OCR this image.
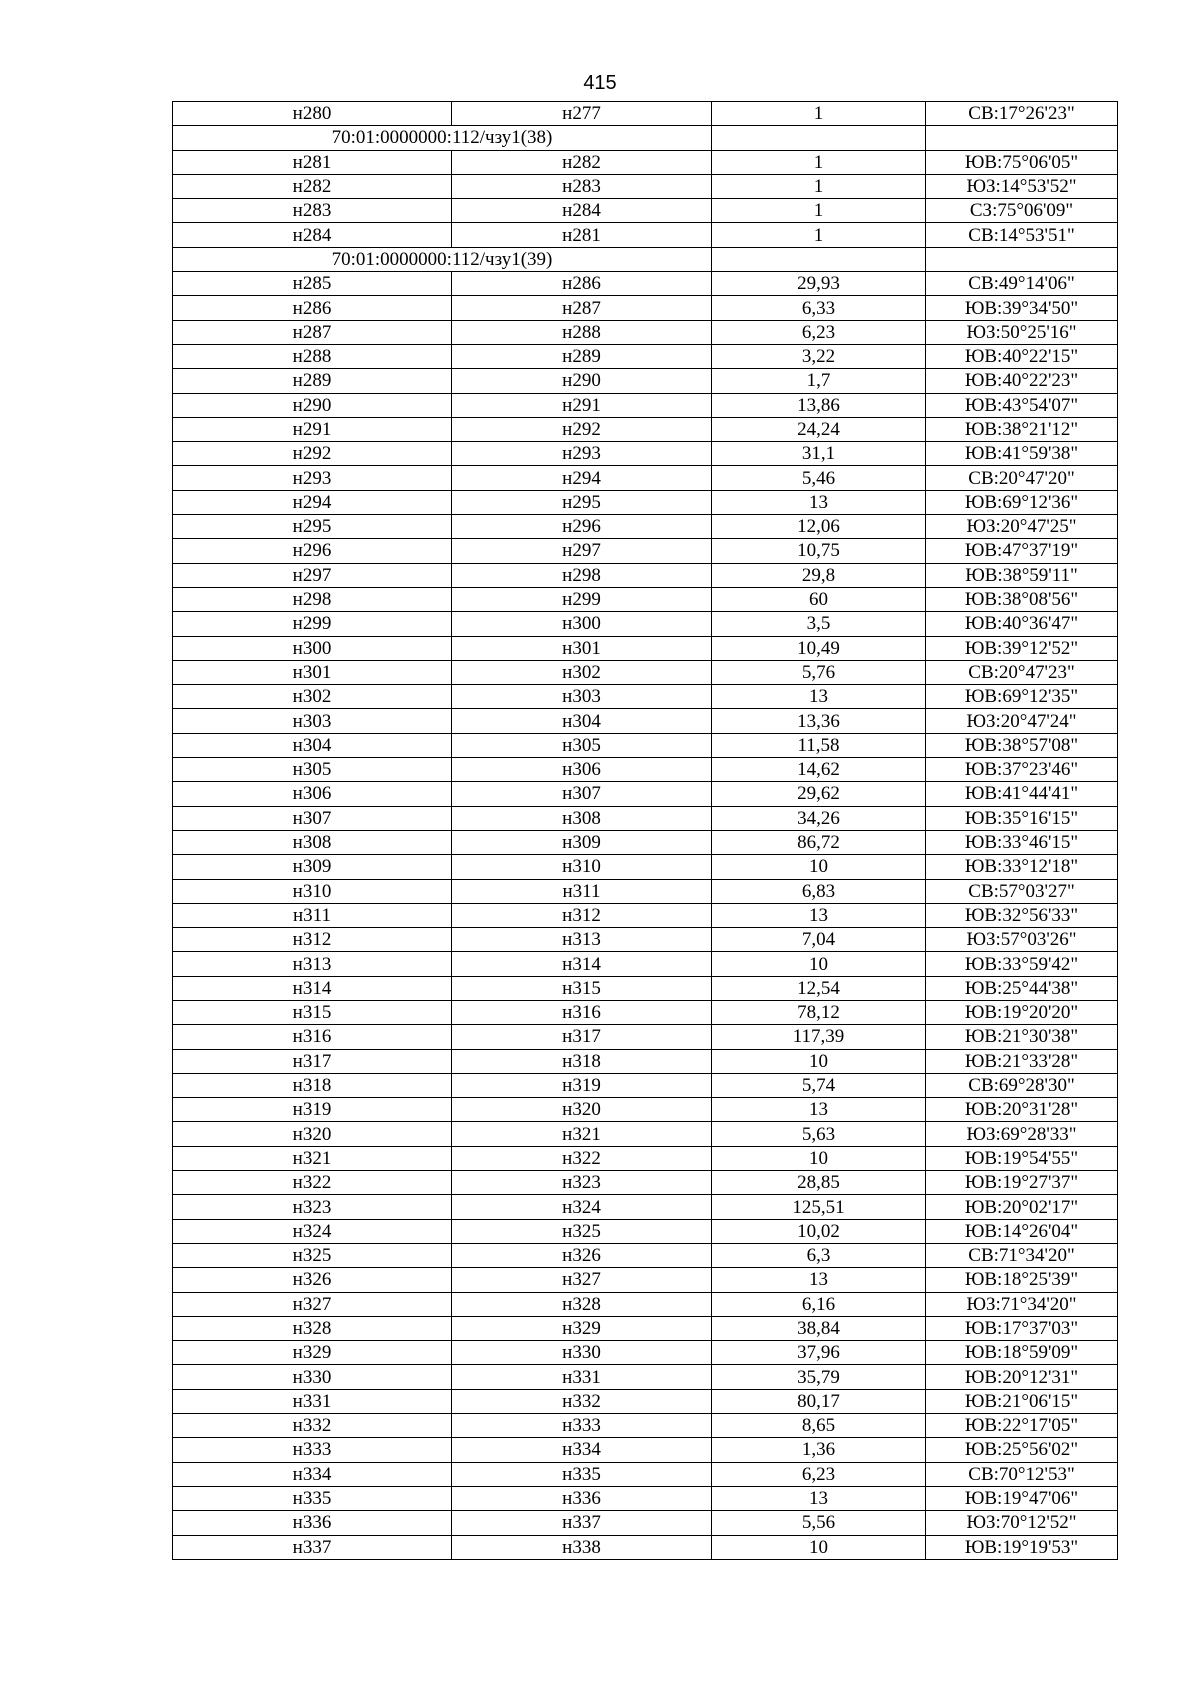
415
н280	н277	1	СВ:17°26'23"
70:01:0000000:112/чзу1(38)			
н281	н282	1	ЮВ:75°06'05"
н282	н283	1	ЮЗ:14°53'52"
н283	н284	1	СЗ:75°06'09"
н284	н281	1	СВ:14°53'51"
70:01:0000000:112/чзу1(39)			
н285	н286	29,93	СВ:49°14'06"
н286	н287	6,33	ЮВ:39°34'50"
н287	н288	6,23	ЮЗ:50°25'16"
н288	н289	3,22	ЮВ:40°22'15"
н289	н290	1,7	ЮВ:40°22'23"
н290	н291	13,86	ЮВ:43°54'07"
н291	н292	24,24	ЮВ:38°21'12"
н292	н293	31,1	ЮВ:41°59'38"
н293	н294	5,46	СВ:20°47'20"
н294	н295	13	ЮВ:69°12'36"
н295	н296	12,06	ЮЗ:20°47'25"
н296	н297	10,75	ЮВ:47°37'19"
н297	н298	29,8	ЮВ:38°59'11"
н298	н299	60	ЮВ:38°08'56"
н299	н300	3,5	ЮВ:40°36'47"
н300	н301	10,49	ЮВ:39°12'52"
н301	н302	5,76	СВ:20°47'23"
н302	н303	13	ЮВ:69°12'35"
н303	н304	13,36	ЮЗ:20°47'24"
н304	н305	11,58	ЮВ:38°57'08"
н305	н306	14,62	ЮВ:37°23'46"
н306	н307	29,62	ЮВ:41°44'41"
н307	н308	34,26	ЮВ:35°16'15"
н308	н309	86,72	ЮВ:33°46'15"
н309	н310	10	ЮВ:33°12'18"
н310	н311	6,83	СВ:57°03'27"
н311	н312	13	ЮВ:32°56'33"
н312	н313	7,04	ЮЗ:57°03'26"
н313	н314	10	ЮВ:33°59'42"
н314	н315	12,54	ЮВ:25°44'38"
н315	н316	78,12	ЮВ:19°20'20"
н316	н317	117,39	ЮВ:21°30'38"
н317	н318	10	ЮВ:21°33'28"
н318	н319	5,74	СВ:69°28'30"
н319	н320	13	ЮВ:20°31'28"
н320	н321	5,63	ЮЗ:69°28'33"
н321	н322	10	ЮВ:19°54'55"
н322	н323	28,85	ЮВ:19°27'37"
н323	н324	125,51	ЮВ:20°02'17"
н324	н325	10,02	ЮВ:14°26'04"
н325	н326	6,3	СВ:71°34'20"
н326	н327	13	ЮВ:18°25'39"
н327	н328	6,16	ЮЗ:71°34'20"
н328	н329	38,84	ЮВ:17°37'03"
н329	н330	37,96	ЮВ:18°59'09"
н330	н331	35,79	ЮВ:20°12'31"
н331	н332	80,17	ЮВ:21°06'15"
н332	н333	8,65	ЮВ:22°17'05"
н333	н334	1,36	ЮВ:25°56'02"
н334	н335	6,23	СВ:70°12'53"
н335	н336	13	ЮВ:19°47'06"
н336	н337	5,56	ЮЗ:70°12'52"
н337	н338	10	ЮВ:19°19'53"
